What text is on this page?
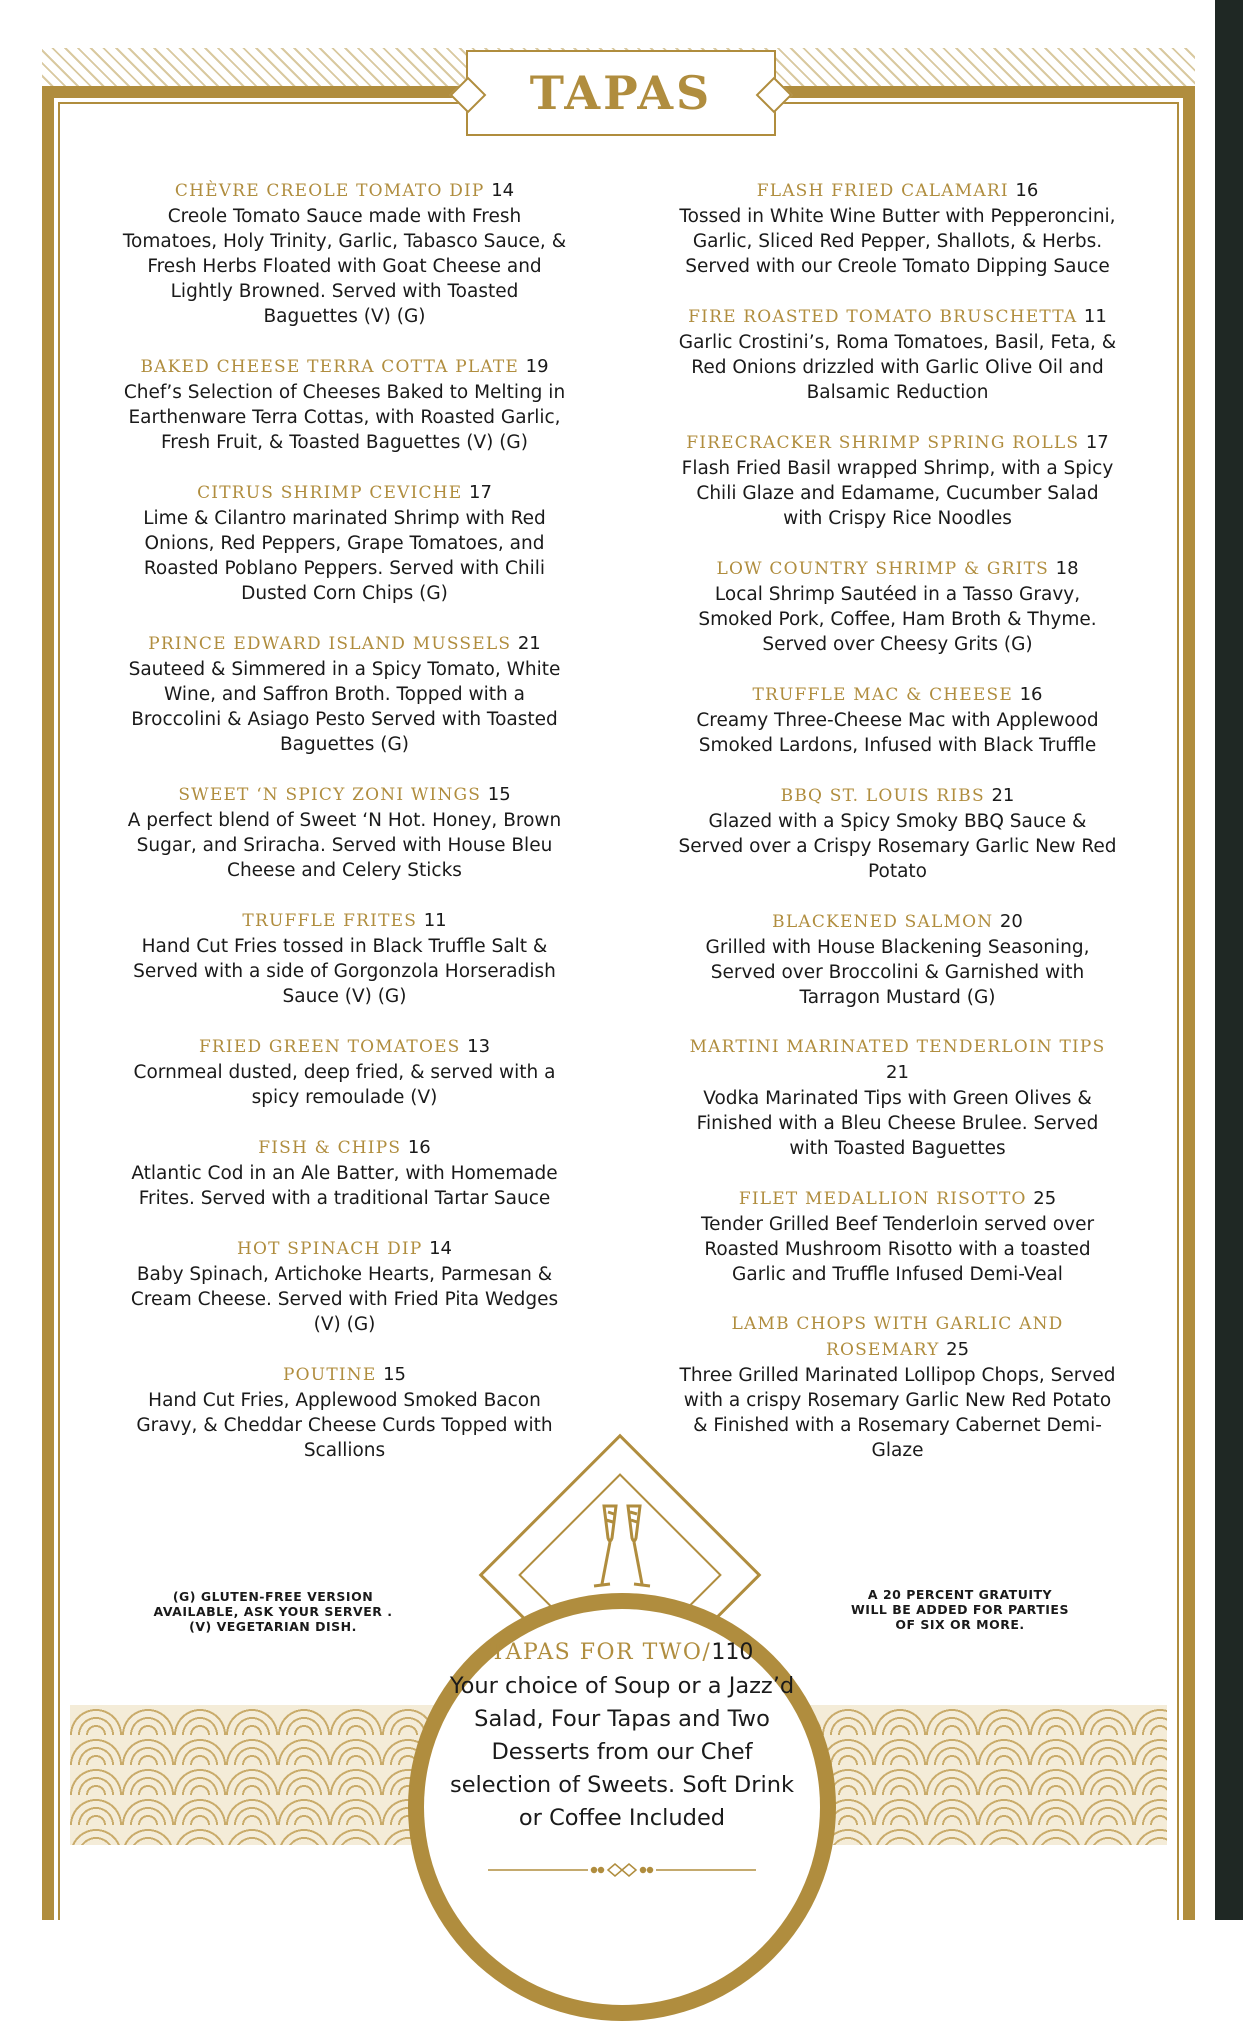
TAPAS
CHÈVRE CREOLE TOMATO DIP 14
Creole Tomato Sauce made with Fresh Tomatoes, Holy Trinity, Garlic, Tabasco Sauce, & Fresh Herbs Floated with Goat Cheese and Lightly Browned. Served with Toasted Baguettes (V) (G)
BAKED CHEESE TERRA COTTA PLATE 19
Chef’s Selection of Cheeses Baked to Melting in Earthenware Terra Cottas, with Roasted Garlic, Fresh Fruit, & Toasted Baguettes (V) (G)
CITRUS SHRIMP CEVICHE 17
Lime & Cilantro marinated Shrimp with Red Onions, Red Peppers, Grape Tomatoes, and Roasted Poblano Peppers. Served with Chili Dusted Corn Chips (G)
PRINCE EDWARD ISLAND MUSSELS 21
Sauteed & Simmered in a Spicy Tomato, White Wine, and Saffron Broth. Topped with a Broccolini & Asiago Pesto Served with Toasted Baguettes (G)
SWEET ‘N SPICY ZONI WINGS 15
A perfect blend of Sweet ‘N Hot. Honey, Brown Sugar, and Sriracha. Served with House Bleu Cheese and Celery Sticks
TRUFFLE FRITES 11
Hand Cut Fries tossed in Black Truffle Salt & Served with a side of Gorgonzola Horseradish Sauce (V) (G)
FRIED GREEN TOMATOES 13
Cornmeal dusted, deep fried, & served with a spicy remoulade (V)
FISH & CHIPS 16
Atlantic Cod in an Ale Batter, with Homemade Frites. Served with a traditional Tartar Sauce
HOT SPINACH DIP 14
Baby Spinach, Artichoke Hearts, Parmesan & Cream Cheese. Served with Fried Pita Wedges (V) (G)
POUTINE 15
Hand Cut Fries, Applewood Smoked Bacon Gravy, & Cheddar Cheese Curds Topped with Scallions
FLASH FRIED CALAMARI 16
Tossed in White Wine Butter with Pepperoncini, Garlic, Sliced Red Pepper, Shallots, & Herbs. Served with our Creole Tomato Dipping Sauce
FIRE ROASTED TOMATO BRUSCHETTA 11
Garlic Crostini’s, Roma Tomatoes, Basil, Feta, & Red Onions drizzled with Garlic Olive Oil and Balsamic Reduction
FIRECRACKER SHRIMP SPRING ROLLS 17
Flash Fried Basil wrapped Shrimp, with a Spicy Chili Glaze and Edamame, Cucumber Salad with Crispy Rice Noodles
LOW COUNTRY SHRIMP & GRITS 18
Local Shrimp Sautéed in a Tasso Gravy, Smoked Pork, Coffee, Ham Broth & Thyme. Served over Cheesy Grits (G)
TRUFFLE MAC & CHEESE 16
Creamy Three-Cheese Mac with Applewood Smoked Lardons, Infused with Black Truffle
BBQ ST. LOUIS RIBS 21
Glazed with a Spicy Smoky BBQ Sauce & Served over a Crispy Rosemary Garlic New Red Potato
BLACKENED SALMON 20
Grilled with House Blackening Seasoning, Served over Broccolini & Garnished with Tarragon Mustard (G)
MARTINI MARINATED TENDERLOIN TIPS 21
Vodka Marinated Tips with Green Olives & Finished with a Bleu Cheese Brulee. Served with Toasted Baguettes
FILET MEDALLION RISOTTO 25
Tender Grilled Beef Tenderloin served over Roasted Mushroom Risotto with a toasted Garlic and Truffle Infused Demi-Veal
LAMB CHOPS WITH GARLIC AND ROSEMARY 25
Three Grilled Marinated Lollipop Chops, Served with a crispy Rosemary Garlic New Red Potato & Finished with a Rosemary Cabernet Demi-Glaze
(G) GLUTEN-FREE VERSION AVAILABLE, ASK YOUR SERVER . (V) VEGETARIAN DISH.
A 20 PERCENT GRATUITY WILL BE ADDED FOR PARTIES OF SIX OR MORE.
TAPAS FOR TWO/110
Your choice of Soup or a Jazz’d Salad, Four Tapas and Two Desserts from our Chef selection of Sweets. Soft Drink or Coffee Included
